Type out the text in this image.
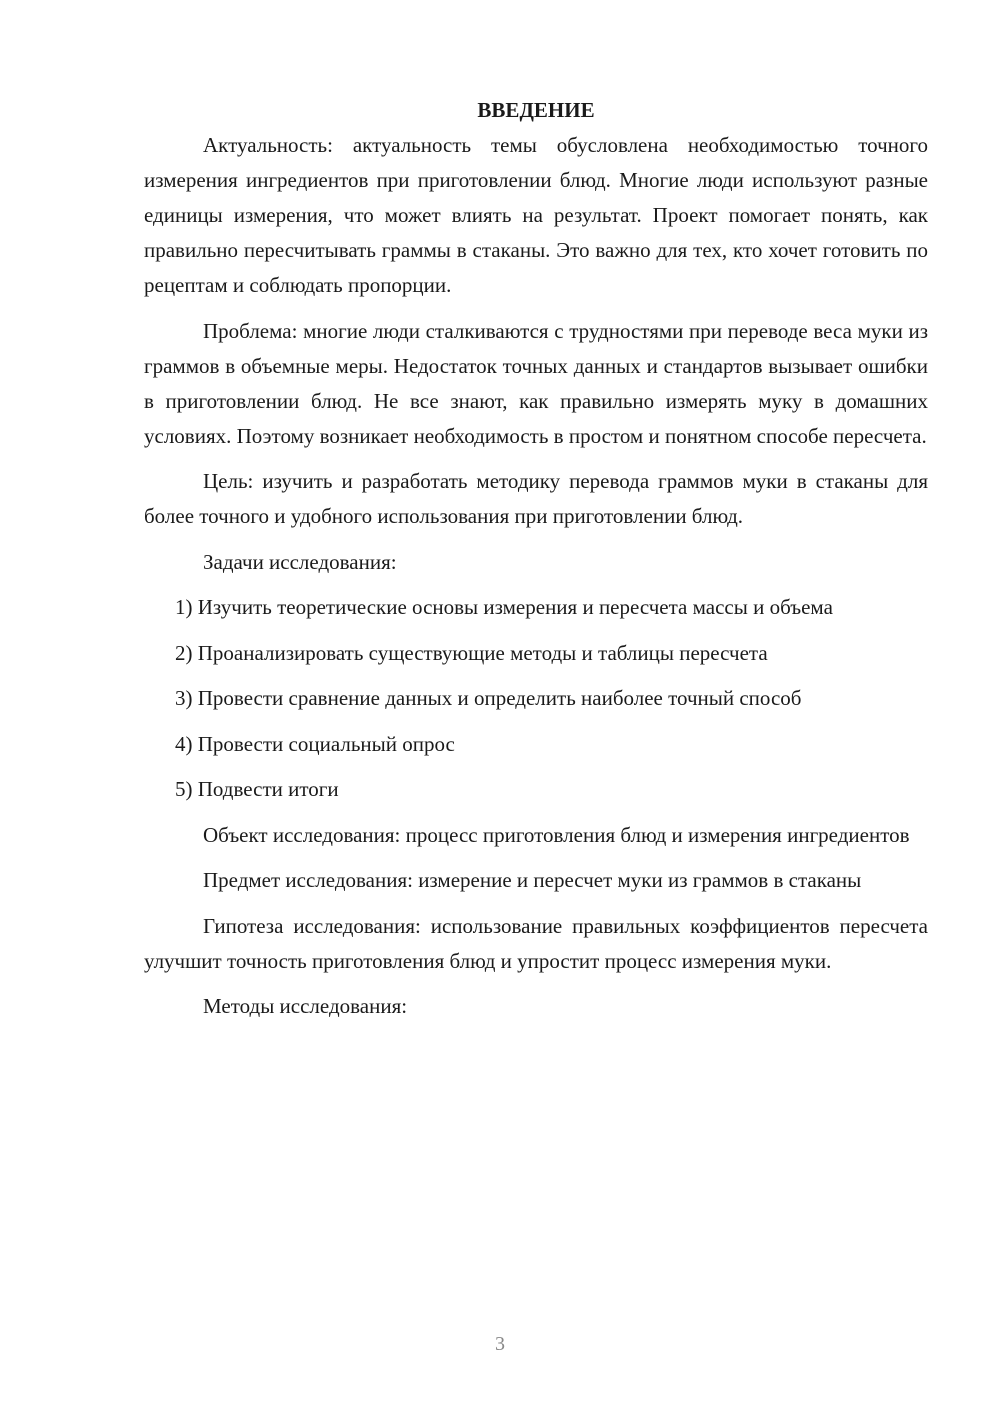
ВВЕДЕНИЕ

Актуальность: актуальность темы обусловлена необходимостью точного измерения ингредиентов при приготовлении блюд. Многие люди используют разные единицы измерения, что может влиять на результат. Проект помогает понять, как правильно пересчитывать граммы в стаканы. Это важно для тех, кто хочет готовить по рецептам и соблюдать пропорции.

Проблема: многие люди сталкиваются с трудностями при переводе веса муки из граммов в объемные меры. Недостаток точных данных и стандартов вызывает ошибки в приготовлении блюд. Не все знают, как правильно измерять муку в домашних условиях. Поэтому возникает необходимость в простом и понятном способе пересчета.

Цель: изучить и разработать методику перевода граммов муки в стаканы для более точного и удобного использования при приготовлении блюд.

Задачи исследования:

1) Изучить теоретические основы измерения и пересчета массы и объема

2) Проанализировать существующие методы и таблицы пересчета

3) Провести сравнение данных и определить наиболее точный способ

4) Провести социальный опрос

5) Подвести итоги

Объект исследования: процесс приготовления блюд и измерения ингредиентов

Предмет исследования: измерение и пересчет муки из граммов в стаканы

Гипотеза исследования: использование правильных коэффициентов пересчета улучшит точность приготовления блюд и упростит процесс измерения муки.

Методы исследования:

3
